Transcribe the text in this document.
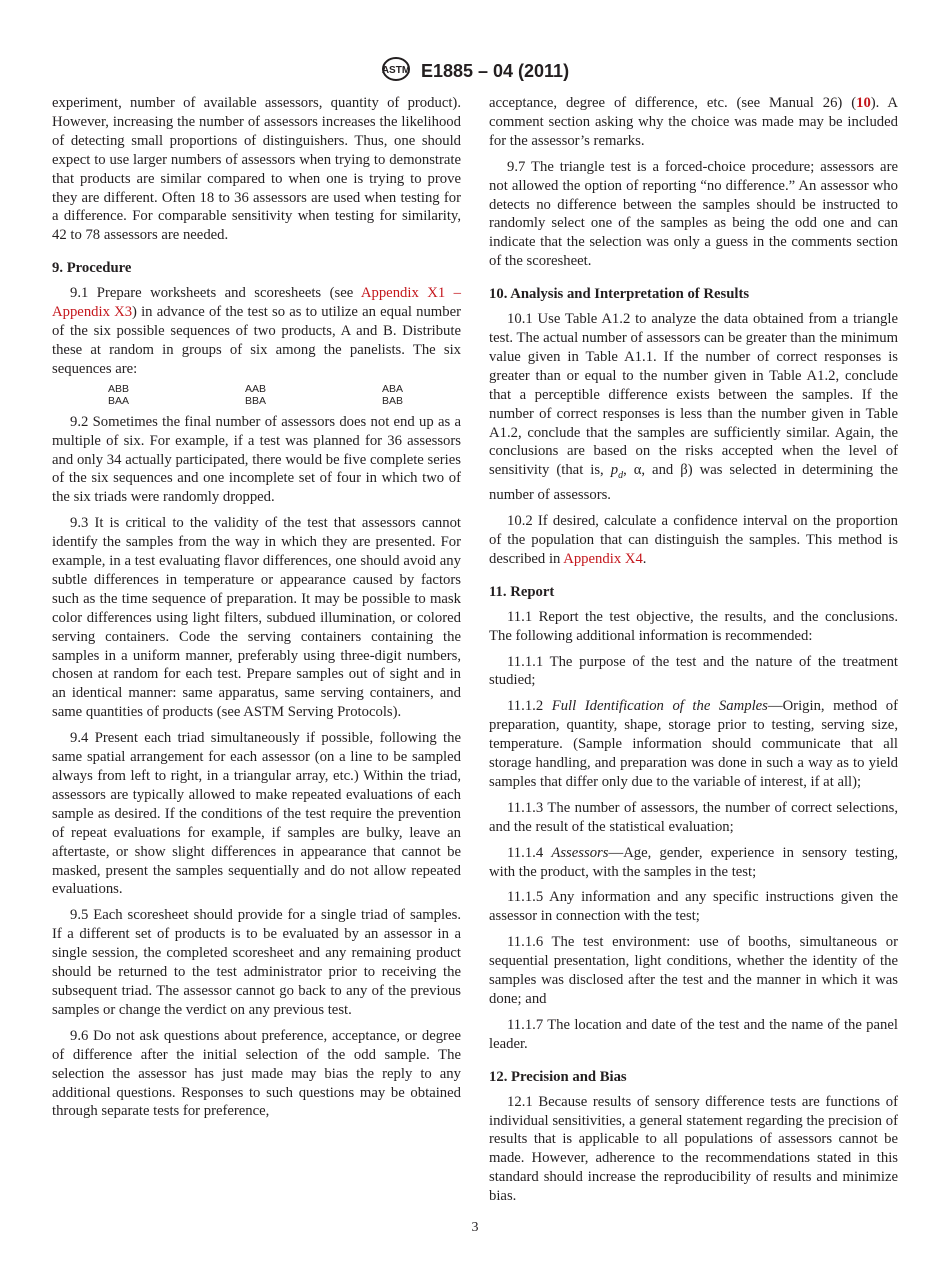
ASTM E1885 – 04 (2011)
experiment, number of available assessors, quantity of product). However, increasing the number of assessors increases the likelihood of detecting small proportions of distinguishers. Thus, one should expect to use larger numbers of assessors when trying to demonstrate that products are similar compared to when one is trying to prove they are different. Often 18 to 36 assessors are used when testing for a difference. For comparable sensitivity when testing for similarity, 42 to 78 assessors are needed.
9. Procedure
9.1 Prepare worksheets and scoresheets (see Appendix X1 – Appendix X3) in advance of the test so as to utilize an equal number of the six possible sequences of two products, A and B. Distribute these at random in groups of six among the panelists. The six sequences are:
ABB	AAB	ABA
BAA	BBA	BAB
9.2 Sometimes the final number of assessors does not end up as a multiple of six. For example, if a test was planned for 36 assessors and only 34 actually participated, there would be five complete series of the six sequences and one incomplete set of four in which two of the six triads were randomly dropped.
9.3 It is critical to the validity of the test that assessors cannot identify the samples from the way in which they are presented. For example, in a test evaluating flavor differences, one should avoid any subtle differences in temperature or appearance caused by factors such as the time sequence of preparation. It may be possible to mask color differences using light filters, subdued illumination, or colored serving containers. Code the serving containers containing the samples in a uniform manner, preferably using three-digit numbers, chosen at random for each test. Prepare samples out of sight and in an identical manner: same apparatus, same serving containers, and same quantities of products (see ASTM Serving Protocols).
9.4 Present each triad simultaneously if possible, following the same spatial arrangement for each assessor (on a line to be sampled always from left to right, in a triangular array, etc.) Within the triad, assessors are typically allowed to make repeated evaluations of each sample as desired. If the conditions of the test require the prevention of repeat evaluations for example, if samples are bulky, leave an aftertaste, or show slight differences in appearance that cannot be masked, present the samples sequentially and do not allow repeated evaluations.
9.5 Each scoresheet should provide for a single triad of samples. If a different set of products is to be evaluated by an assessor in a single session, the completed scoresheet and any remaining product should be returned to the test administrator prior to receiving the subsequent triad. The assessor cannot go back to any of the previous samples or change the verdict on any previous test.
9.6 Do not ask questions about preference, acceptance, or degree of difference after the initial selection of the odd sample. The selection the assessor has just made may bias the reply to any additional questions. Responses to such questions may be obtained through separate tests for preference,
acceptance, degree of difference, etc. (see Manual 26) (10). A comment section asking why the choice was made may be included for the assessor’s remarks.
9.7 The triangle test is a forced-choice procedure; assessors are not allowed the option of reporting “no difference.” An assessor who detects no difference between the samples should be instructed to randomly select one of the samples as being the odd one and can indicate that the selection was only a guess in the comments section of the scoresheet.
10. Analysis and Interpretation of Results
10.1 Use Table A1.2 to analyze the data obtained from a triangle test. The actual number of assessors can be greater than the minimum value given in Table A1.1. If the number of correct responses is greater than or equal to the number given in Table A1.2, conclude that a perceptible difference exists between the samples. If the number of correct responses is less than the number given in Table A1.2, conclude that the samples are sufficiently similar. Again, the conclusions are based on the risks accepted when the level of sensitivity (that is, $p_d$, α, and β) was selected in determining the number of assessors.
10.2 If desired, calculate a confidence interval on the proportion of the population that can distinguish the samples. This method is described in Appendix X4.
11. Report
11.1 Report the test objective, the results, and the conclusions. The following additional information is recommended:
11.1.1 The purpose of the test and the nature of the treatment studied;
11.1.2 Full Identification of the Samples—Origin, method of preparation, quantity, shape, storage prior to testing, serving size, temperature. (Sample information should communicate that all storage handling, and preparation was done in such a way as to yield samples that differ only due to the variable of interest, if at all);
11.1.3 The number of assessors, the number of correct selections, and the result of the statistical evaluation;
11.1.4 Assessors—Age, gender, experience in sensory testing, with the product, with the samples in the test;
11.1.5 Any information and any specific instructions given the assessor in connection with the test;
11.1.6 The test environment: use of booths, simultaneous or sequential presentation, light conditions, whether the identity of the samples was disclosed after the test and the manner in which it was done; and
11.1.7 The location and date of the test and the name of the panel leader.
12. Precision and Bias
12.1 Because results of sensory difference tests are functions of individual sensitivities, a general statement regarding the precision of results that is applicable to all populations of assessors cannot be made. However, adherence to the recommendations stated in this standard should increase the reproducibility of results and minimize bias.
3
